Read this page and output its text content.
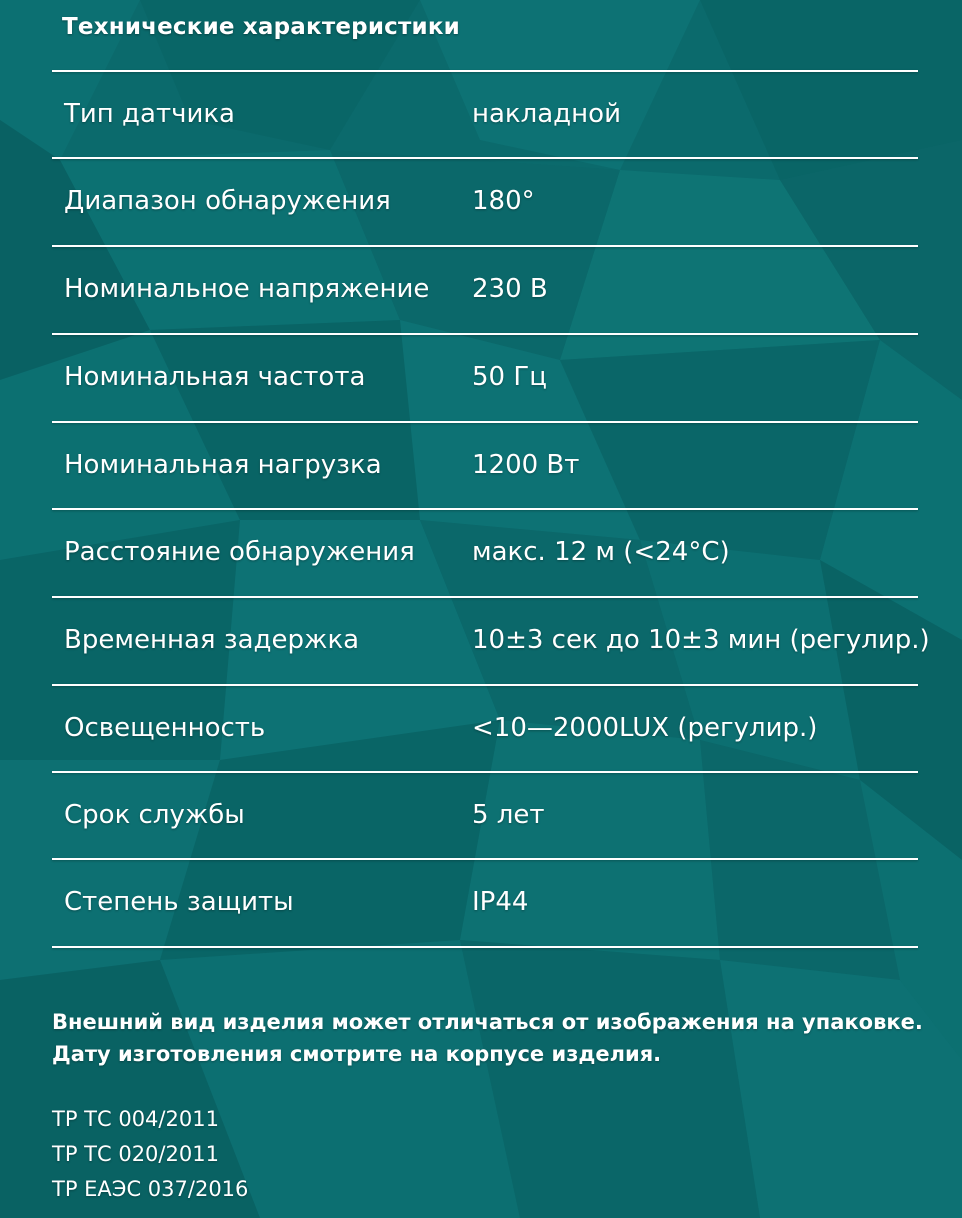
Технические характеристики
Тип датчика	накладной
Диапазон обнаружения	180°
Номинальное напряжение 230 В
Номинальная частота	50 Гц
Номинальная нагрузка	1200 Вт
Расстояние обнаружения макс. 12 м (<24°C)
Временная задержка	10±3 сек до 10±3 мин (регулир.)
Освещенность	<10—2000LUX (регулир.)
Срок службы	5 лет
Степень защиты	IP44
Внешний вид изделия может отличаться от изображения на упаковке.
Дату изготовления смотрите на корпусе изделия.
ТР ТС 004/2011
ТР ТС 020/2011
ТР ЕАЭС 037/2016
